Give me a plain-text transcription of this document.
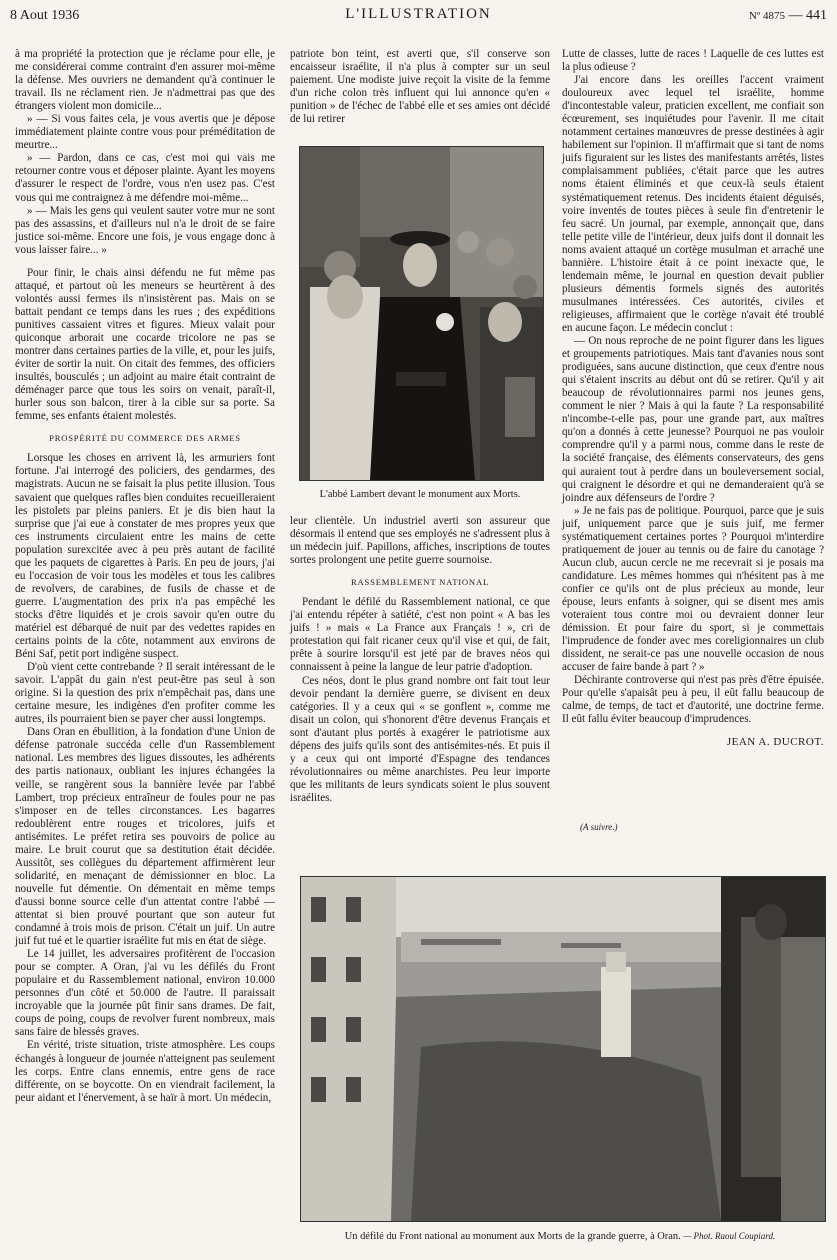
8 Aout 1936	L'ILLUSTRATION	Nº 4875 — 441

à ma propriété la protection que je réclame pour elle, je me considérerai comme contraint d'en assurer moi-même la défense. Mes ouvriers ne demandent qu'à continuer le travail. Ils ne réclament rien. Je n'admettrai pas que des étrangers violent mon domicile...

» — Si vous faites cela, je vous avertis que je dépose immédiatement plainte contre vous pour préméditation de meurtre...

» — Pardon, dans ce cas, c'est moi qui vais me retourner contre vous et déposer plainte. Ayant les moyens d'assurer le respect de l'ordre, vous n'en usez pas. C'est vous qui me contraignez à me défendre moi-même...

» — Mais les gens qui veulent sauter votre mur ne sont pas des assassins, et d'ailleurs nul n'a le droit de se faire justice soi-même. Encore une fois, je vous engage donc à vous laisser faire... »

Pour finir, le chais ainsi défendu ne fut même pas attaqué, et partout où les meneurs se heurtèrent à des volontés aussi fermes ils n'insistèrent pas. Mais on se battait pendant ce temps dans les rues ; des expéditions punitives cassaient vitres et figures. Mieux valait pour quiconque arborait une cocarde tricolore ne pas se montrer dans certaines parties de la ville, et, pour les juifs, éviter de sortir la nuit. On citait des femmes, des officiers insultés, bousculés ; un adjoint au maire était contraint de déménager parce que tous les soirs on venait, paraît-il, hurler sous son balcon, tirer à la cible sur sa porte. Sa femme, ses enfants étaient molestés.

PROSPÉRITÉ DU COMMERCE DES ARMES

Lorsque les choses en arrivent là, les armuriers font fortune. J'ai interrogé des policiers, des gendarmes, des magistrats. Aucun ne se faisait la plus petite illusion. Tous savaient que quelques rafles bien conduites recueilleraient les pistolets par pleins paniers. Et je dis bien haut la surprise que j'ai eue à constater de mes propres yeux que ces instruments circulaient entre les mains de cette population surexcitée avec à peu près autant de facilité que les paquets de cigarettes à Paris. En peu de jours, j'ai eu l'occasion de voir tous les modèles et tous les calibres de revolvers, de carabines, de fusils de chasse et de guerre. L'augmentation des prix n'a pas empêché les stocks d'être liquidés et je crois savoir qu'en outre du matériel est débarqué de nuit par des vedettes rapides en certains points de la côte, notamment aux environs de Béni Saf, petit port indigène suspect.

D'où vient cette contrebande ? Il serait intéressant de le savoir. L'appât du gain n'est peut-être pas seul à son origine. Si la question des prix n'empêchait pas, dans une certaine mesure, les indigènes d'en profiter comme les autres, ils pourraient bien se payer cher aussi longtemps.

Dans Oran en ébullition, à la fondation d'une Union de défense patronale succéda celle d'un Rassemblement national. Les membres des ligues dissoutes, les adhérents des partis nationaux, oubliant les injures échangées la veille, se rangèrent sous la bannière levée par l'abbé Lambert, trop précieux entraîneur de foules pour ne pas s'imposer en de telles circonstances. Les bagarres redoublèrent entre rouges et tricolores, juifs et antisémites. Le préfet retira ses pouvoirs de police au maire. Le bruit courut que sa destitution était décidée. Aussitôt, ses collègues du département affirmèrent leur solidarité, en menaçant de démissionner en bloc. La nouvelle fut démentie. On démentait en même temps d'aussi bonne source celle d'un attentat contre l'abbé — attentat si bien prouvé pourtant que son auteur fut condamné à trois mois de prison. C'était un juif. Un autre juif fut tué et le quartier israélite fut mis en état de siège.

Le 14 juillet, les adversaires profitèrent de l'occasion pour se compter. A Oran, j'ai vu les défilés du Front populaire et du Rassemblement national, environ 10.000 personnes d'un côté et 50.000 de l'autre. Il paraissait incroyable que la journée pût finir sans drames. De fait, coups de poing, coups de revolver furent nombreux, mais sans faire de blessés graves.

En vérité, triste situation, triste atmosphère. Les coups échangés à longueur de journée n'atteignent pas seulement les corps. Entre clans ennemis, entre gens de race différente, on se boycotte. On en viendrait facilement, la peur aidant et l'énervement, à se haïr à mort. Un médecin,

patriote bon teint, est averti que, s'il conserve son encaisseur israélite, il n'a plus à compter sur un seul paiement. Une modiste juive reçoit la visite de la femme d'un riche colon très influent qui lui annonce qu'en « punition » de l'échec de l'abbé elle et ses amies ont décidé de lui retirer

L'abbé Lambert devant le monument aux Morts.

leur clientèle. Un industriel averti son assureur que désormais il entend que ses employés ne s'adressent plus à un médecin juif. Papillons, affiches, inscriptions de toutes sortes prolongent une petite guerre sournoise.

RASSEMBLEMENT NATIONAL

Pendant le défilé du Rassemblement national, ce que j'ai entendu répéter à satiété, c'est non point « A bas les juifs ! » mais « La France aux Français ! », cri de protestation qui fait ricaner ceux qu'il vise et qui, de fait, prête à sourire lorsqu'il est jeté par de braves néos qui connaissent à peine la langue de leur patrie d'adoption.

Ces néos, dont le plus grand nombre ont fait tout leur devoir pendant la dernière guerre, se divisent en deux catégories. Il y a ceux qui « se gonflent », comme me disait un colon, qui s'honorent d'être devenus Français et sont d'autant plus portés à exagérer le patriotisme aux dépens des juifs qu'ils sont des antisémites-nés. Et puis il y a ceux qui ont importé d'Espagne des tendances révolutionnaires ou même anarchistes. Peu leur importe que les militants de leurs syndicats soient le plus souvent israélites.

Lutte de classes, lutte de races ! Laquelle de ces luttes est la plus odieuse ?

J'ai encore dans les oreilles l'accent vraiment douloureux avec lequel tel israélite, homme d'incontestable valeur, praticien excellent, me confiait son écœurement, ses inquiétudes pour l'avenir. Il me citait notamment certaines manœuvres de presse destinées à agir habilement sur l'opinion. Il m'affirmait que si tant de noms juifs figuraient sur les listes des manifestants arrêtés, listes complaisamment publiées, c'était parce que les autres noms étaient éliminés et que ceux-là seuls étaient systématiquement retenus. Des incidents étaient déguisés, voire inventés de toutes pièces à seule fin d'entretenir le feu sacré. Un journal, par exemple, annonçait que, dans telle petite ville de l'intérieur, deux juifs dont il donnait les noms avaient attaqué un cortège musulman et arraché une bannière. L'histoire était à ce point inexacte que, le lendemain même, le journal en question devait publier plusieurs démentis formels signés des autorités musulmanes intéressées. Ces autorités, civiles et religieuses, affirmaient que le cortège n'avait été troublé en aucune façon. Le médecin conclut :

— On nous reproche de ne point figurer dans les ligues et groupements patriotiques. Mais tant d'avanies nous sont prodiguées, sans aucune distinction, que ceux d'entre nous qui s'étaient inscrits au début ont dû se retirer. Qu'il y ait beaucoup de révolutionnaires parmi nos jeunes gens, comment le nier ? Mais à qui la faute ? La responsabilité n'incombe-t-elle pas, pour une grande part, aux maîtres qu'on a donnés à cette jeunesse? Pourquoi ne pas vouloir comprendre qu'il y a parmi nous, comme dans le reste de la société française, des éléments conservateurs, des gens qui auraient tout à perdre dans un bouleversement social, qui craignent le désordre et qui ne demanderaient qu'à se joindre aux défenseurs de l'ordre ?

» Je ne fais pas de politique. Pourquoi, parce que je suis juif, uniquement parce que je suis juif, me fermer systématiquement certaines portes ? Pourquoi m'interdire pratiquement de jouer au tennis ou de faire du canotage ? Aucun club, aucun cercle ne me recevrait si je posais ma candidature. Les mêmes hommes qui n'hésitent pas à me confier ce qu'ils ont de plus précieux au monde, leur épouse, leurs enfants à soigner, qui se disent mes amis voteraient tous contre moi ou devraient donner leur démission. Et pour faire du sport, si je commettais l'imprudence de fonder avec mes coreligionnaires un club dissident, ne serait-ce pas une nouvelle occasion de nous accuser de faire bande à part ? »

Déchirante controverse qui n'est pas près d'être épuisée. Pour qu'elle s'apaisât peu à peu, il eût fallu beaucoup de calme, de temps, de tact et d'autorité, une doctrine ferme. Il eût fallu éviter beaucoup d'imprudences.

JEAN A. DUCROT.
(A suivre.)
Un défilé du Front national au monument aux Morts de la grande guerre, à Oran. — Phot. Raoul Coupiard.
